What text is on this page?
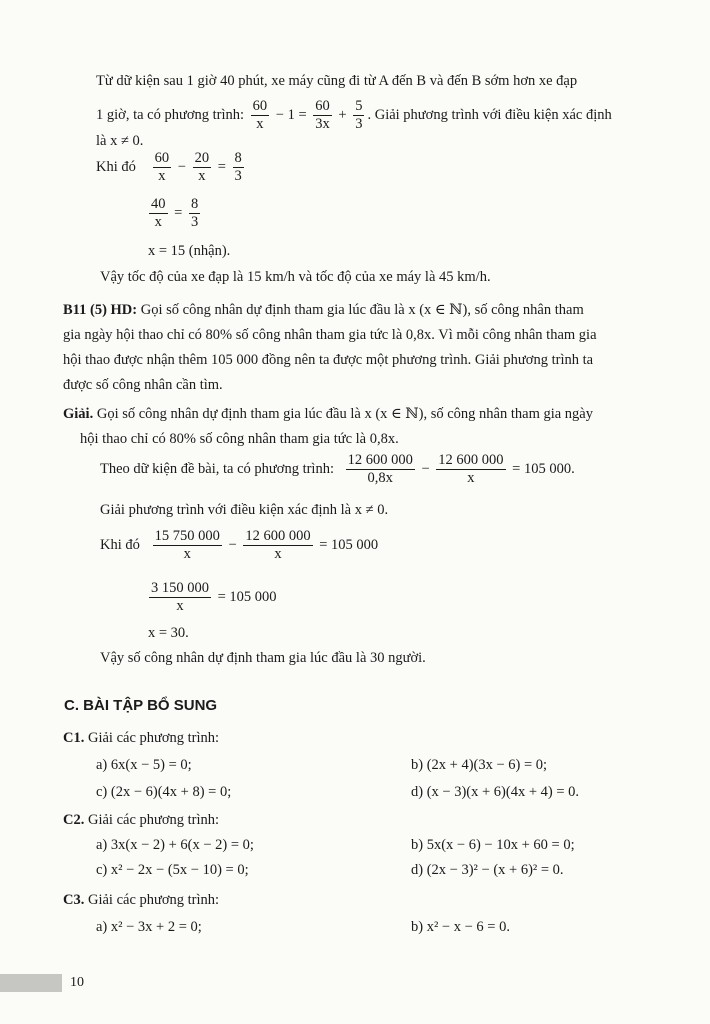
Từ dữ kiện sau 1 giờ 40 phút, xe máy cũng đi từ A đến B và đến B sớm hơn xe đạp
1 giờ, ta có phương trình: $\frac{60}{x} - 1 = \frac{60}{3x} + \frac{5}{3}$ . Giải phương trình với điều kiện xác định
là x ≠ 0.
Khi đó $\frac{60}{x} - \frac{20}{x} = \frac{8}{3}$
$\frac{40}{x} = \frac{8}{3}$
x = 15 (nhận).
Vậy tốc độ của xe đạp là 15 km/h và tốc độ của xe máy là 45 km/h.
B11 (5) HD: Gọi số công nhân dự định tham gia lúc đầu là x (x ∈ ℕ), số công nhân tham
gia ngày hội thao chỉ có 80% số công nhân tham gia tức là 0,8x. Vì mỗi công nhân tham gia
hội thao được nhận thêm 105 000 đồng nên ta được một phương trình. Giải phương trình ta
được số công nhân cần tìm.
Giải. Gọi số công nhân dự định tham gia lúc đầu là x (x ∈ ℕ), số công nhân tham gia ngày
hội thao chỉ có 80% số công nhân tham gia tức là 0,8x.
Theo dữ kiện đề bài, ta có phương trình: $\frac{12 600 000}{0,8x} - \frac{12 600 000}{x} = 105$ 000.
Giải phương trình với điều kiện xác định là x ≠ 0.
Khi đó $\frac{15 750 000}{x} - \frac{12 600 000}{x} = 105$ 000
$\frac{3 150 000}{x} = 105$ 000
x = 30.
Vậy số công nhân dự định tham gia lúc đầu là 30 người.
C. BÀI TẬP BỔ SUNG
C1. Giải các phương trình:
a) 6x(x − 5) = 0;	b) (2x + 4)(3x − 6) = 0;
c) (2x − 6)(4x + 8) = 0;	d) (x − 3)(x + 6)(4x + 4) = 0.
C2. Giải các phương trình:
a) 3x(x − 2) + 6(x − 2) = 0;	b) 5x(x − 6) − 10x + 60 = 0;
c) x² − 2x − (5x − 10) = 0;	d) (2x − 3)² − (x + 6)² = 0.
C3. Giải các phương trình:
a) x² − 3x + 2 = 0;	b) x² − x − 6 = 0.
10
